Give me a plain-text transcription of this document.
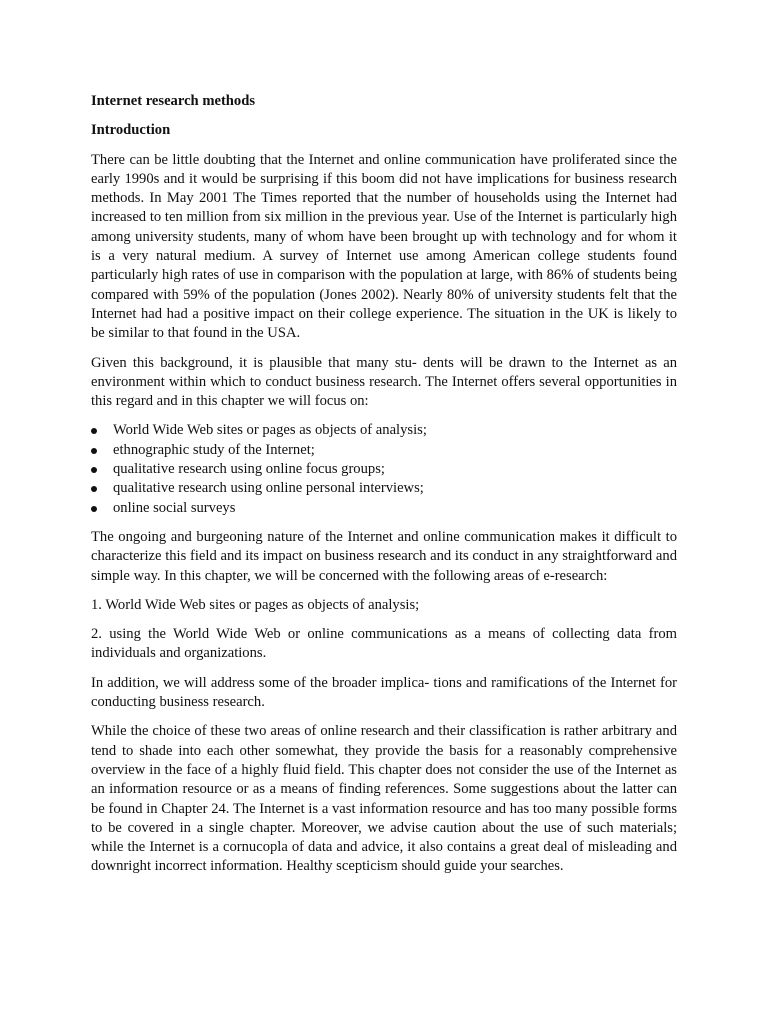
Internet research methods
Introduction

There can be little doubting that the Internet and online communication have proliferated since the early 1990s and it would be surprising if this boom did not have implications for business research methods. In May 2001 The Times reported that the number of households using the Internet had increased to ten million from six million in the previous year. Use of the Internet is particularly high among university students, many of whom have been brought up with technology and for whom it is a very natural medium. A survey of Internet use among American college students found particularly high rates of use in comparison with the population at large, with 86% of students being compared with 59% of the population (Jones 2002). Nearly 80% of university students felt that the Internet had had a positive impact on their college experience. The situation in the UK is likely to be similar to that found in the USA.

Given this background, it is plausible that many stu- dents will be drawn to the Internet as an environment within which to conduct business research. The Internet offers several opportunities in this regard and in this chapter we will focus on:

World Wide Web sites or pages as objects of analysis;
ethnographic study of the Internet;
qualitative research using online focus groups;
qualitative research using online personal interviews;
online social surveys

The ongoing and burgeoning nature of the Internet and online communication makes it difficult to characterize this field and its impact on business research and its conduct in any straightforward and simple way. In this chapter, we will be concerned with the following areas of e-research:

1. World Wide Web sites or pages as objects of analysis;

2. using the World Wide Web or online communications as a means of collecting data from individuals and organizations.

In addition, we will address some of the broader implica- tions and ramifications of the Internet for conducting business research.

While the choice of these two areas of online research and their classification is rather arbitrary and tend to shade into each other somewhat, they provide the basis for a reasonably comprehensive overview in the face of a highly fluid field. This chapter does not consider the use of the Internet as an information resource or as a means of finding references. Some suggestions about the latter can be found in Chapter 24. The Internet is a vast information resource and has too many possible forms to be covered in a single chapter. Moreover, we advise caution about the use of such materials; while the Internet is a cornucopla of data and advice, it also contains a great deal of misleading and downright incorrect information. Healthy scepticism should guide your searches.
